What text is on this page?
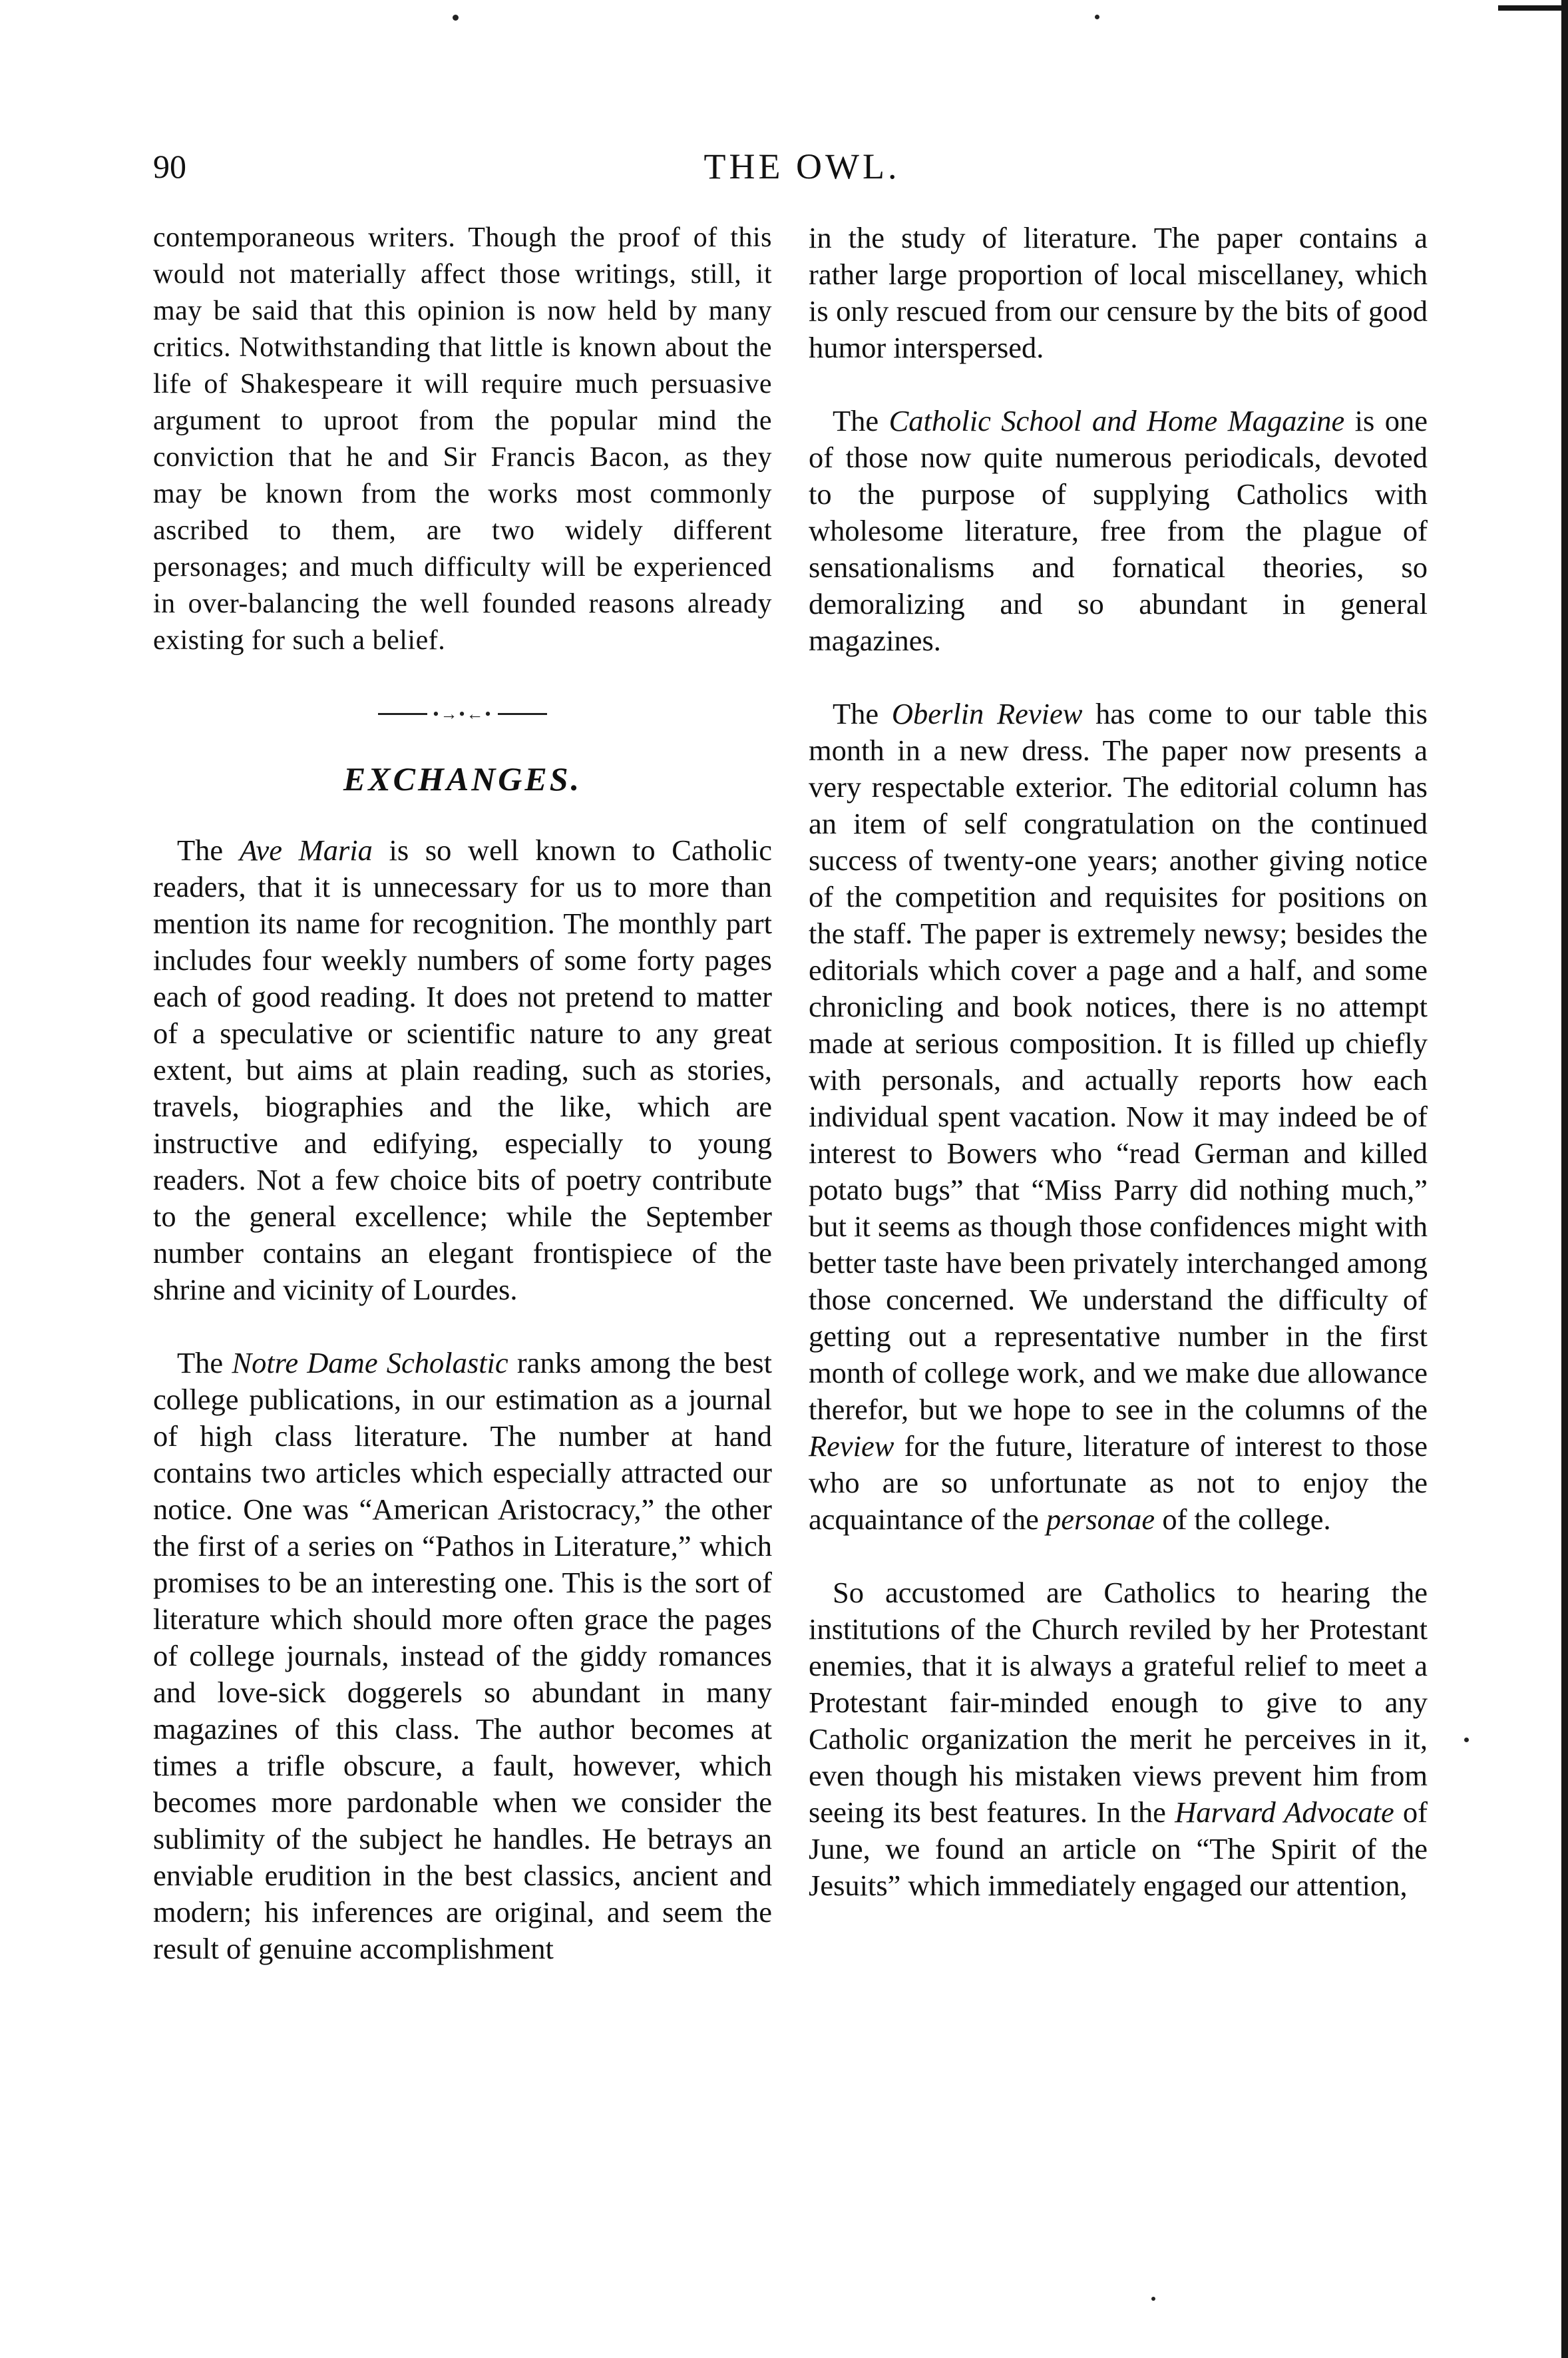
90	THE OWL.

contemporaneous writers. Though the proof of this would not materially affect those writings, still, it may be said that this opinion is now held by many critics. Notwithstanding that little is known about the life of Shakespeare it will require much persuasive argument to uproot from the popular mind the conviction that he and Sir Francis Bacon, as they may be known from the works most commonly ascribed to them, are two widely different personages; and much difficulty will be experienced in over-balancing the well founded reasons already existing for such a belief.

•→•←•
EXCHANGES.

The Ave Maria is so well known to Catholic readers, that it is unnecessary for us to more than mention its name for recognition. The monthly part includes four weekly numbers of some forty pages each of good reading. It does not pretend to matter of a speculative or scientific nature to any great extent, but aims at plain reading, such as stories, travels, biographies and the like, which are instructive and edifying, especially to young readers. Not a few choice bits of poetry contribute to the general excellence; while the September number contains an elegant frontispiece of the shrine and vicinity of Lourdes.

The Notre Dame Scholastic ranks among the best college publications, in our estimation as a journal of high class literature. The number at hand contains two articles which especially attracted our notice. One was “American Aristocracy,” the other the first of a series on “Pathos in Literature,” which promises to be an interesting one. This is the sort of literature which should more often grace the pages of college journals, instead of the giddy romances and love-sick doggerels so abundant in many magazines of this class. The author becomes at times a trifle obscure, a fault, however, which becomes more pardonable when we consider the sublimity of the subject he handles. He betrays an enviable erudition in the best classics, ancient and modern; his inferences are original, and seem the result of genuine accomplishment

in the study of literature. The paper contains a rather large proportion of local miscellaney, which is only rescued from our censure by the bits of good humor interspersed.

The Catholic School and Home Magazine is one of those now quite numerous periodicals, devoted to the purpose of supplying Catholics with wholesome literature, free from the plague of sensationalisms and fornatical theories, so demoralizing and so abundant in general magazines.

The Oberlin Review has come to our table this month in a new dress. The paper now presents a very respectable exterior. The editorial column has an item of self congratulation on the continued success of twenty-one years; another giving notice of the competition and requisites for positions on the staff. The paper is extremely newsy; besides the editorials which cover a page and a half, and some chronicling and book notices, there is no attempt made at serious composition. It is filled up chiefly with personals, and actually reports how each individual spent vacation. Now it may indeed be of interest to Bowers who “read German and killed potato bugs” that “Miss Parry did nothing much,” but it seems as though those confidences might with better taste have been privately interchanged among those concerned. We understand the difficulty of getting out a representative number in the first month of college work, and we make due allowance therefor, but we hope to see in the columns of the Review for the future, literature of interest to those who are so unfortunate as not to enjoy the acquaintance of the personae of the college.

So accustomed are Catholics to hearing the institutions of the Church reviled by her Protestant enemies, that it is always a grateful relief to meet a Protestant fair-minded enough to give to any Catholic organization the merit he perceives in it, even though his mistaken views prevent him from seeing its best features. In the Harvard Advocate of June, we found an article on “The Spirit of the Jesuits” which immediately engaged our attention,
